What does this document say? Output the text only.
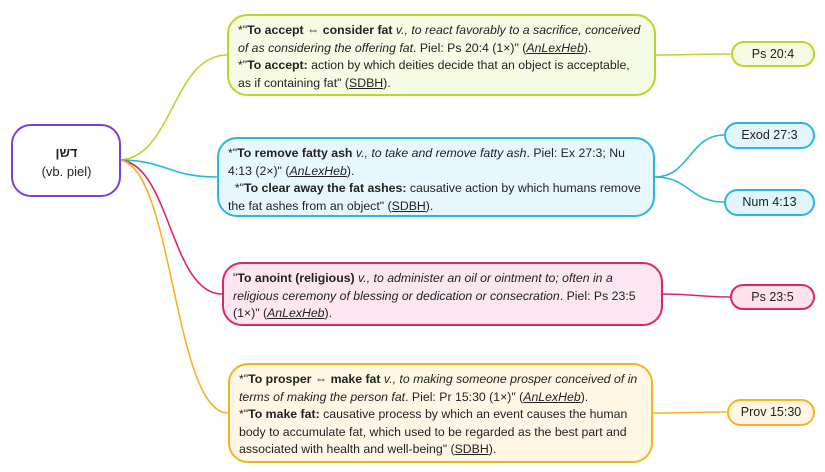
דשן
(vb. piel)
*"To accept ⇔ consider fat v., to react favorably to a sacrifice, conceived of as considering the offering fat. Piel: Ps 20:4 (1×)" (AnLexHeb).
*"To accept: action by which deities decide that an object is acceptable, as if containing fat" (SDBH).
*"To remove fatty ash v., to take and remove fatty ash. Piel: Ex 27:3; Nu 4:13 (2×)" (AnLexHeb).
*"To clear away the fat ashes: causative action by which humans remove the fat ashes from an object" (SDBH).
"To anoint (religious) v., to administer an oil or ointment to; often in a religious ceremony of blessing or dedication or consecration. Piel: Ps 23:5 (1×)" (AnLexHeb).
*"To prosper ⇔ make fat v., to making someone prosper conceived of in terms of making the person fat. Piel: Pr 15:30 (1×)" (AnLexHeb).
*"To make fat: causative process by which an event causes the human body to accumulate fat, which used to be regarded as the best part and associated with health and well-being" (SDBH).
Ps 20:4
Exod 27:3
Num 4:13
Ps 23:5
Prov 15:30
